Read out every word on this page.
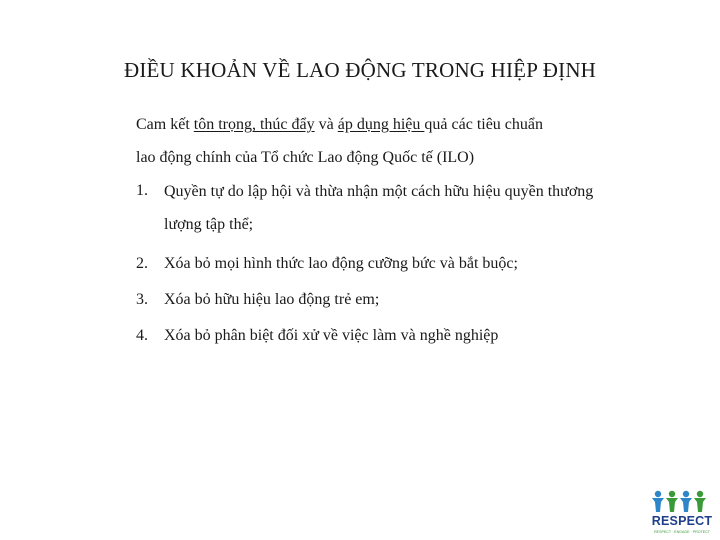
ĐIỀU KHOẢN VỀ LAO ĐỘNG TRONG HIỆP ĐỊNH
Cam kết tôn trọng, thúc đẩy và áp dụng hiệu quả các tiêu chuẩn
lao động chính của Tổ chức Lao động Quốc tế (ILO)
1.	Quyền tự do lập hội và thừa nhận một cách hữu hiệu quyền thương lượng tập thể;
2.	Xóa bỏ mọi hình thức lao động cưỡng bức và bắt buộc;
3.	Xóa bỏ hữu hiệu lao động trẻ em;
4.	Xóa bỏ phân biệt đối xử về việc làm và nghề nghiệp
RESPECT
RESPECT · ENGAGE · PROTECT
